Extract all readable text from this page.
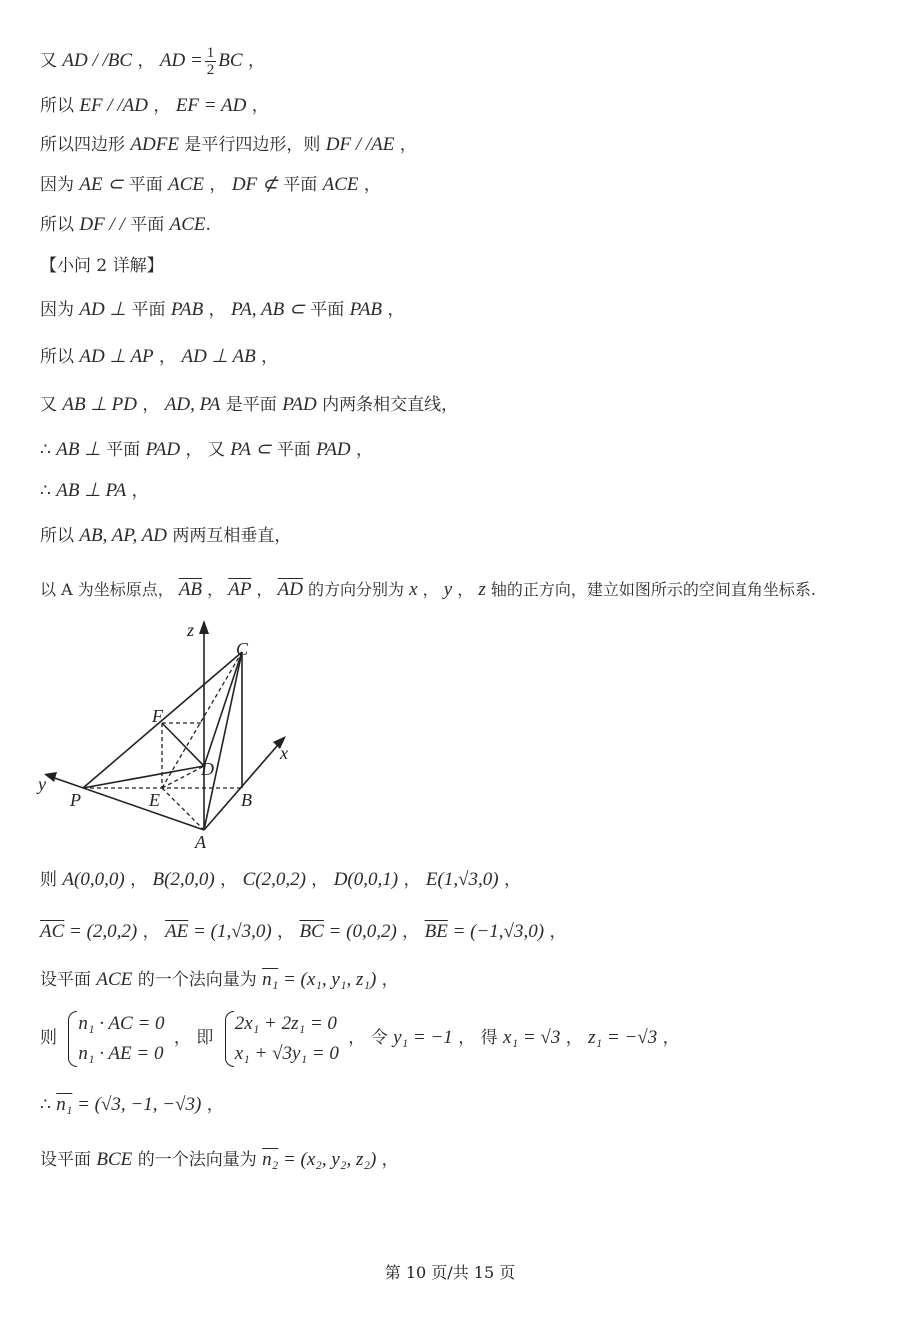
又 AD / /BC ， AD = $\frac{1}{2}$ BC ，
所以 EF / /AD ， EF = AD ，
所以四边形 ADFE 是平行四边形，则 DF / /AE ，
因为 AE ⊂ 平面 ACE ， DF ⊄ 平面 ACE ，
所以 DF / / 平面 ACE.
【小问 2 详解】
因为 AD ⊥ 平面 PAB ， PA, AB ⊂ 平面 PAB ，
所以 AD ⊥ AP ， AD ⊥ AB ，
又 AB ⊥ PD ， AD, PA 是平面 PAD 内两条相交直线，
∴ AB ⊥ 平面 PAD ， 又 PA ⊂ 平面 PAD ，
∴ AB ⊥ PA ，
所以 AB, AP, AD 两两互相垂直，
以 A 为坐标原点， $\overline{AB}$ ， $\overline{AP}$ ， $\overline{AD}$ 的方向分别为 x ， y ， z 轴的正方向，建立如图所示的空间直角坐标系.
z
C
F
D
x
y
P	E	B
A
则 A(0,0,0) ， B(2,0,0) ， C(2,0,2) ， D(0,0,1) ， E(1,√3,0) ，
$\overline{AC} = (2,0,2)$ ， $\overline{AE} = (1,√3,0)$ ， $\overline{BC} = (0,0,2)$ ， $\overline{BE} = (-1,√3,0)$ ，
设平面 ACE 的一个法向量为 n₁ = (x₁, y₁, z₁) ，
则
n₁ · AC = 0
n₁ · AE = 0
， 即
2x₁ + 2z₁ = 0
x₁ + √3y₁ = 0
， 令 y₁ = −1 ， 得 x₁ = √3 ， z₁ = −√3 ，
∴ n₁ = (√3, −1, −√3) ，
设平面 BCE 的一个法向量为 n₂ = (x₂, y₂, z₂) ，
第 10 页/共 15 页
